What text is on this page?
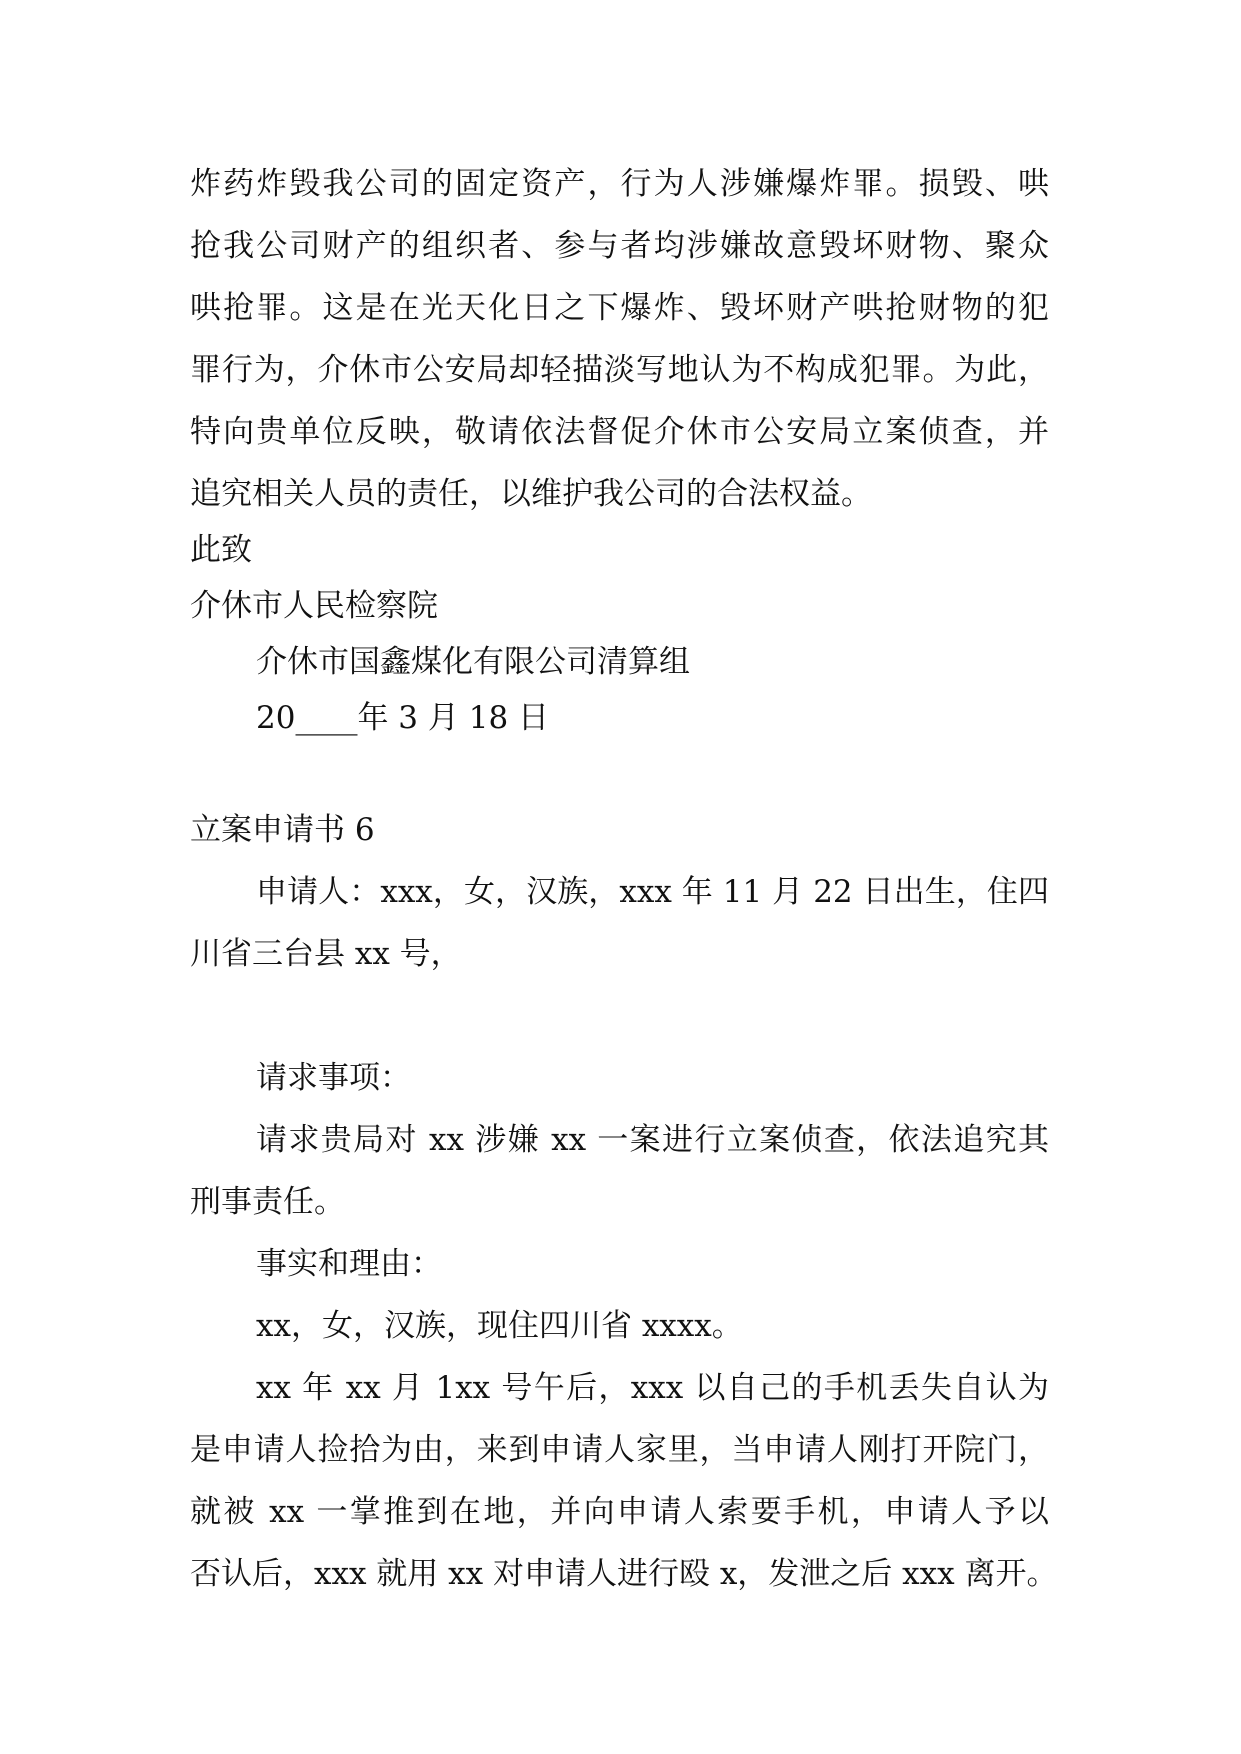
炸药炸毁我公司的固定资产，行为人涉嫌爆炸罪。损毁、哄
抢我公司财产的组织者、参与者均涉嫌故意毁坏财物、聚众
哄抢罪。这是在光天化日之下爆炸、毁坏财产哄抢财物的犯
罪行为，介休市公安局却轻描淡写地认为不构成犯罪。为此，
特向贵单位反映，敬请依法督促介休市公安局立案侦查，并
追究相关人员的责任，以维护我公司的合法权益。
此致
介休市人民检察院
介休市国鑫煤化有限公司清算组
20____年 3 月 18 日
立案申请书 6
申请人：xxx，女，汉族，xxx 年 11 月 22 日出生，住四
川省三台县 xx 号，
请求事项：
请求贵局对 xx 涉嫌 xx 一案进行立案侦查，依法追究其
刑事责任。
事实和理由：
xx，女，汉族，现住四川省 xxxx。
xx 年 xx 月 1xx 号午后，xxx 以自己的手机丢失自认为
是申请人捡拾为由，来到申请人家里，当申请人刚打开院门，
就被 xx 一掌推到在地，并向申请人索要手机，申请人予以
否认后，xxx 就用 xx 对申请人进行殴 x，发泄之后 xxx 离开。
